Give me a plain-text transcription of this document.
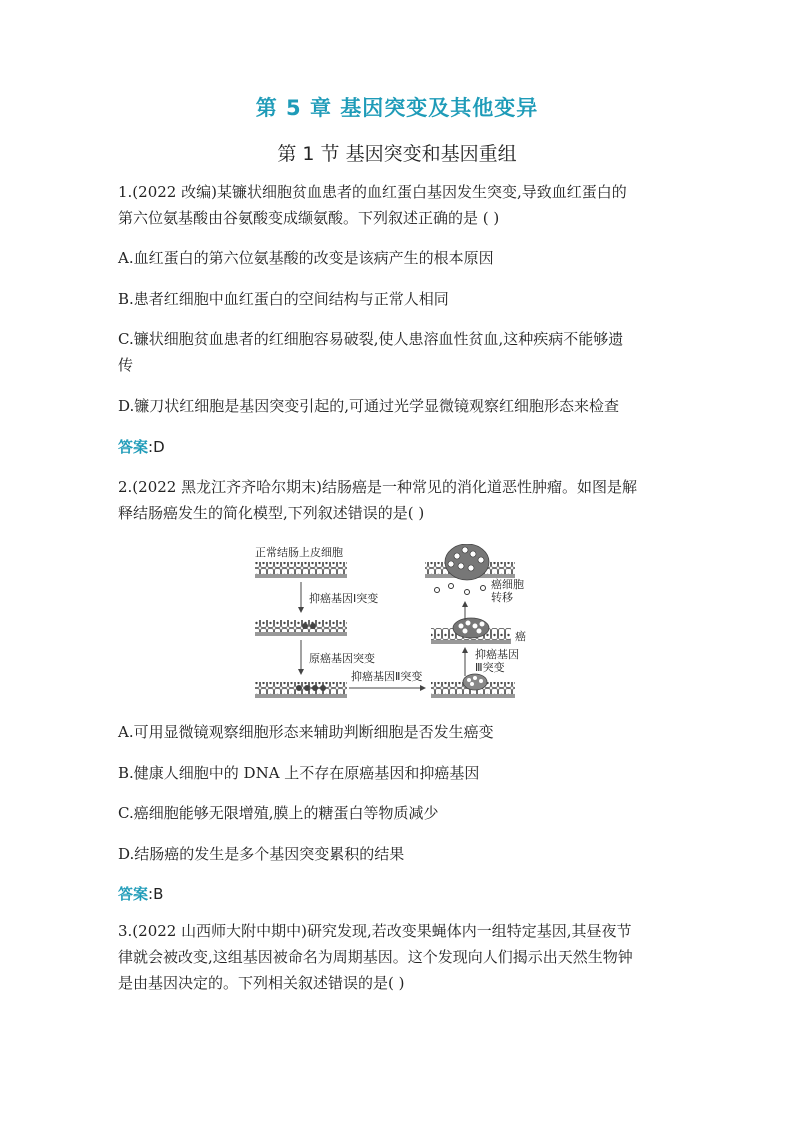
第 5 章 基因突变及其他变异
第 1 节 基因突变和基因重组
1.(2022 改编)某镰状细胞贫血患者的血红蛋白基因发生突变,导致血红蛋白的
第六位氨基酸由谷氨酸变成缬氨酸。下列叙述正确的是 ( )
A.血红蛋白的第六位氨基酸的改变是该病产生的根本原因
B.患者红细胞中血红蛋白的空间结构与正常人相同
C.镰状细胞贫血患者的红细胞容易破裂,使人患溶血性贫血,这种疾病不能够遗
传
D.镰刀状红细胞是基因突变引起的,可通过光学显微镜观察红细胞形态来检查
答案:D
2.(2022 黑龙江齐齐哈尔期末)结肠癌是一种常见的消化道恶性肿瘤。如图是解
释结肠癌发生的简化模型,下列叙述错误的是( )
正常结肠上皮细胞
抑癌基因Ⅰ突变
原癌基因突变
抑癌基因Ⅱ突变
抑癌基因
Ⅲ突变
癌
癌细胞
转移
A.可用显微镜观察细胞形态来辅助判断细胞是否发生癌变
B.健康人细胞中的 DNA 上不存在原癌基因和抑癌基因
C.癌细胞能够无限增殖,膜上的糖蛋白等物质减少
D.结肠癌的发生是多个基因突变累积的结果
答案:B
3.(2022 山西师大附中期中)研究发现,若改变果蝇体内一组特定基因,其昼夜节
律就会被改变,这组基因被命名为周期基因。这个发现向人们揭示出天然生物钟
是由基因决定的。下列相关叙述错误的是( )
